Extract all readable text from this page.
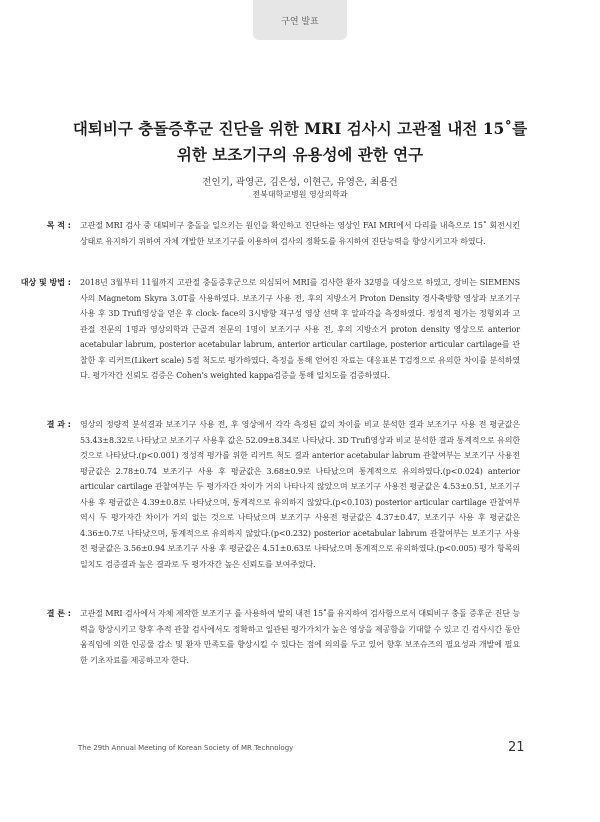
구연 발표
대퇴비구 충돌증후군 진단을 위한 MRI 검사시 고관절 내전 15˚를
위한 보조기구의 유용성에 관한 연구
전인기, 곽영곤, 김은성, 이현근, 유영은, 최용건
전북대학교병원 영상의학과
목 적 : 고관절 MRI 검사 중 대퇴비구 충돌을 일으키는 원인을 확인하고 진단하는 영상인 FAI MRI에서 다리를 내측으로 15˚ 회전시킨 상태로 유지하기 위하여 자체 개발한 보조기구를 이용하여 검사의 정확도를 유지하여 진단능력을 향상시키고자 하였다.

대상 및 방법 : 2018년 3월부터 11월까지 고관절 충돌증후군으로 의심되어 MRI를 검사한 환자 32명을 대상으로 하였고, 장비는 SIEMENS사의 Magnetom Skyra 3.0T를 사용하였다. 보조기구 사용 전, 후의 지방소거 Proton Density 경사축방향 영상과 보조기구 사용 후 3D Trufi영상을 얻은 후 clock- face의 3시방향 재구성 영상 선택 후 알파각을 측정하였다. 정성적 평가는 정형외과 고관절 전문의 1명과 영상의학과 근골격 전문의 1명이 보조기구 사용 전, 후의 지방소거 proton density 영상으로 anterior acetabular labrum, posterior acetabular labrum, anterior articular cartilage, posterior articular cartilage를 관찰한 후 리커트(Likert scale) 5점 척도로 평가하였다. 측정을 통해 얻어진 자료는 대응표본 T검정으로 유의한 차이를 분석하였다. 평가자간 신뢰도 검증은 Cohen's weighted kappa검증을 통해 일치도를 검증하였다.

결 과 : 영상의 정량적 분석결과 보조기구 사용 전, 후 영상에서 각각 측정된 값의 차이를 비교 분석한 결과 보조기구 사용 전 평균값은 53.43±8.32로 나타났고 보조기구 사용후 값은 52.09±8.34로 나타났다. 3D Trufi영상과 비교 분석한 결과 통계적으로 유의한 것으로 나타났다.(p<0.001) 정성적 평가를 위한 리커트 척도 결과 anterior acetabular labrum 관찰여부는 보조기구 사용전 평균값은 2.78±0.74 보조기구 사용 후 평균값은 3.68±0.9로 나타났으며 통계적으로 유의하였다.(p<0.024) anterior articular cartilage 관찰여부는 두 평가자간 차이가 거의 나타나지 않았으며 보조기구 사용전 평균값은 4.53±0.51, 보조기구 사용 후 평균값은 4.39±0.8로 나타났으며, 통계적으로 유의하지 않았다.(p<0.103) posterior articular cartilage 관찰여부 역시 두 평가자간 차이가 거의 없는 것으로 나타났으며 보조기구 사용전 평균값은 4.37±0.47, 보조기구 사용 후 평균값은 4.36±0.7로 나타났으며, 통계적으로 유의하지 않았다.(p<0.232) posterior acetabular labrum 관찰여부는 보조기구 사용전 평균값은 3.56±0.94 보조기구 사용 후 평균값은 4.51±0.63로 나타났으며 통계적으로 유의하였다.(p<0.005) 평가 항목의 일치도 검증결과 높은 결과로 두 평가자간 높은 신뢰도를 보여주었다.

결 론 : 고관절 MRI 검사에서 자체 제작한 보조기구 를 사용하여 발의 내전 15˚를 유지하여 검사함으로서 대퇴비구 충돌 증후군 진단 능력을 향상시키고 향후 추적 관찰 검사에서도 정확하고 일관된 평가가치가 높은 영상을 제공함을 기대할 수 있고 긴 검사시간 동안 움직임에 의한 인공물 감소 및 환자 만족도를 향상시킬 수 있다는 점에 의의를 두고 있어 향후 보조슈즈의 필요성과 개발에 필요한 기초자료를 제공하고자 한다.

The 29th Annual Meeting of Korean Society of MR Technology	21
